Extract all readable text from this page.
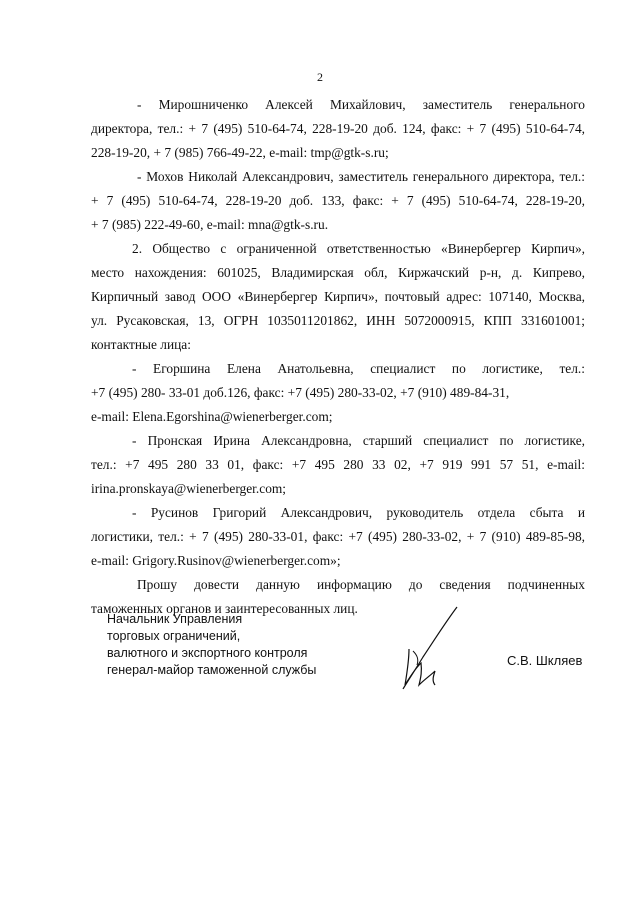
2
- Мирошниченко Алексей Михайлович, заместитель генерального
директора, тел.: + 7 (495) 510-64-74, 228-19-20 доб. 124, факс: + 7 (495) 510-64-74,
228-19-20, + 7 (985) 766-49-22, e-mail: tmp@gtk-s.ru;
- Мохов Николай Александрович, заместитель генерального директора, тел.:
+ 7 (495) 510-64-74, 228-19-20 доб. 133, факс: + 7 (495) 510-64-74, 228-19-20,
+ 7 (985) 222-49-60, e-mail: mna@gtk-s.ru.
2. Общество с ограниченной ответственностью «Винербергер Кирпич»,
место нахождения: 601025, Владимирская обл, Киржачский р-н, д. Кипрево,
Кирпичный завод ООО «Винербергер Кирпич», почтовый адрес: 107140, Москва,
ул. Русаковская, 13, ОГРН 1035011201862, ИНН 5072000915, КПП 331601001;
контактные лица:
- Егоршина Елена Анатольевна, специалист по логистике, тел.:
+7 (495) 280- 33-01 доб.126, факс: +7 (495) 280-33-02, +7 (910) 489-84-31,
e-mail: Elena.Egorshina@wienerberger.com;
- Пронская Ирина Александровна, старший специалист по логистике,
тел.: +7 495 280 33 01, факс: +7 495 280 33 02, +7 919 991 57 51, e-mail:
irina.pronskaya@wienerberger.com;
- Русинов Григорий Александрович, руководитель отдела сбыта и
логистики, тел.: + 7 (495) 280-33-01, факс: +7 (495) 280-33-02, + 7 (910) 489-85-98,
e-mail: Grigory.Rusinov@wienerberger.com»;
Прошу довести данную информацию до сведения подчиненных
таможенных органов и заинтересованных лиц.
Начальник Управления
торговых ограничений,
валютного и экспортного контроля
генерал-майор таможенной службы
С.В. Шкляев
